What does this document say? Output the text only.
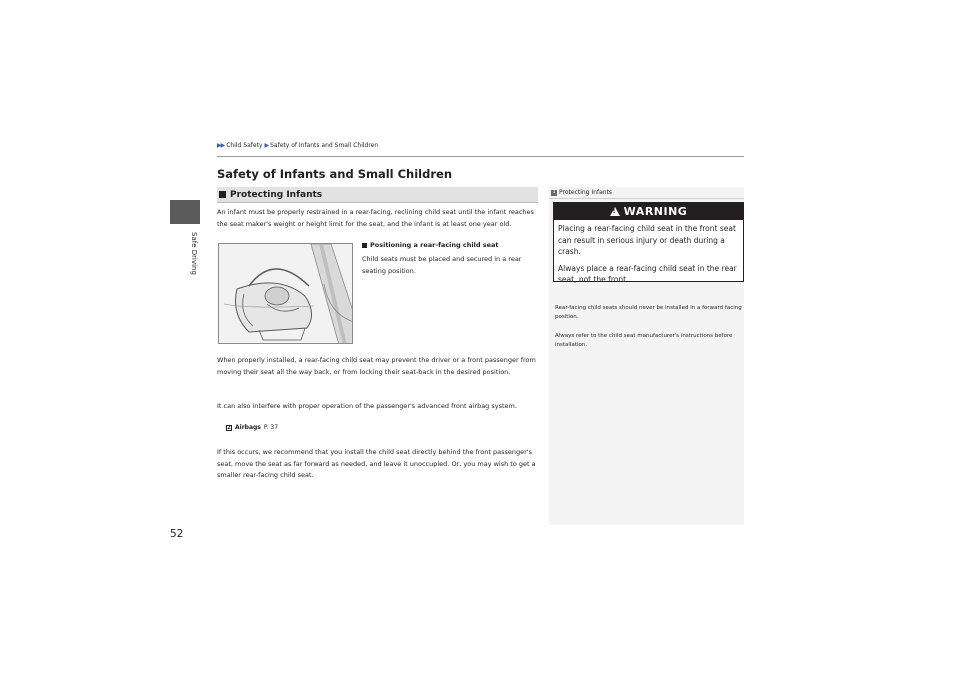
Safe Driving
▶▶ Child Safety ▶ Safety of Infants and Small Children
Safety of Infants and Small Children
Protecting Infants

An infant must be properly restrained in a rear-facing, reclining child seat until the infant reaches the seat maker's weight or height limit for the seat, and the infant is at least one year old.

Positioning a rear-facing child seat

Child seats must be placed and secured in a rear seating position.

When properly installed, a rear-facing child seat may prevent the driver or a front passenger from moving their seat all the way back, or from locking their seat-back in the desired position.

It can also interfere with proper operation of the passenger's advanced front airbag system.

2 Airbags P. 37

If this occurs, we recommend that you install the child seat directly behind the front passenger's seat, move the seat as far forward as needed, and leave it unoccupied. Or, you may wish to get a smaller rear-facing child seat.

1 Protecting Infants
!
WARNING

Placing a rear-facing child seat in the front seat can result in serious injury or death during a crash.

Always place a rear-facing child seat in the rear seat, not the front.

Rear-facing child seats should never be installed in a forward facing position.

Always refer to the child seat manufacturer's instructions before installation.

52
